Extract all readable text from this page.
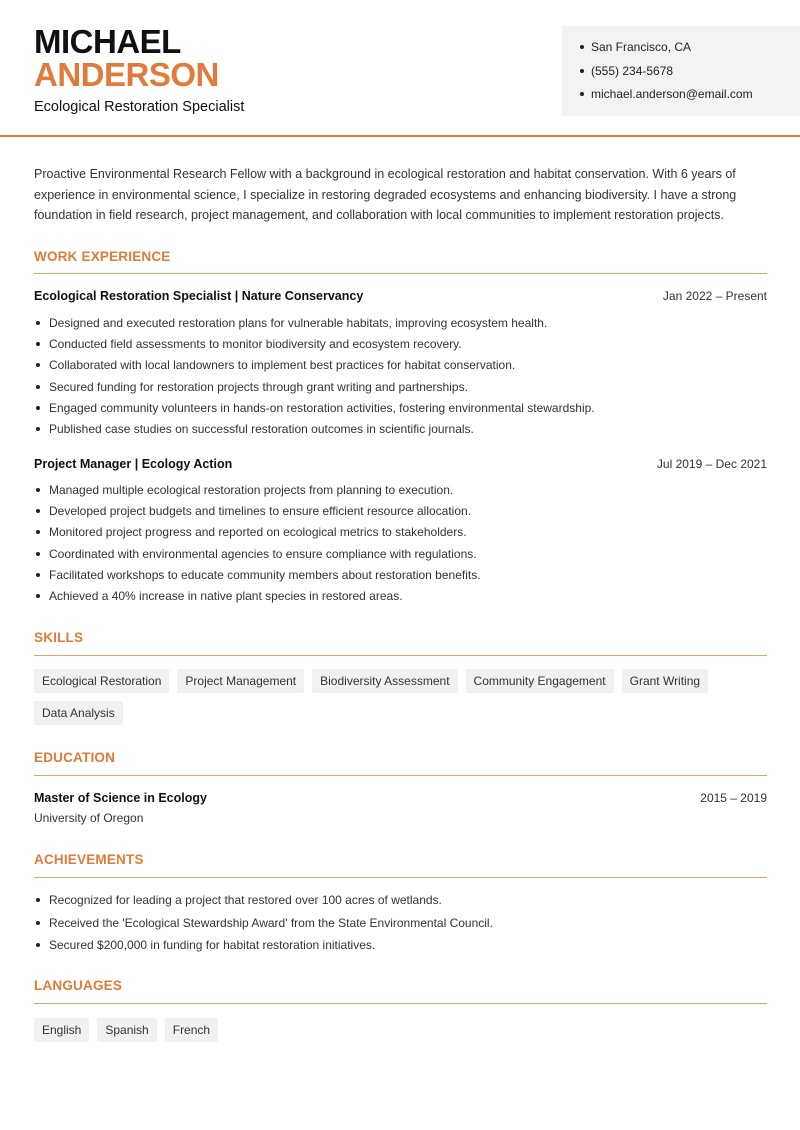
MICHAEL
ANDERSON
Ecological Restoration Specialist
San Francisco, CA
(555) 234-5678
michael.anderson@email.com

Proactive Environmental Research Fellow with a background in ecological restoration and habitat conservation. With 6 years of experience in environmental science, I specialize in restoring degraded ecosystems and enhancing biodiversity. I have a strong foundation in field research, project management, and collaboration with local communities to implement restoration projects.

WORK EXPERIENCE
Ecological Restoration Specialist | Nature Conservancy	Jan 2022 – Present
Designed and executed restoration plans for vulnerable habitats, improving ecosystem health.
Conducted field assessments to monitor biodiversity and ecosystem recovery.
Collaborated with local landowners to implement best practices for habitat conservation.
Secured funding for restoration projects through grant writing and partnerships.
Engaged community volunteers in hands-on restoration activities, fostering environmental stewardship.
Published case studies on successful restoration outcomes in scientific journals.
Project Manager | Ecology Action	Jul 2019 – Dec 2021
Managed multiple ecological restoration projects from planning to execution.
Developed project budgets and timelines to ensure efficient resource allocation.
Monitored project progress and reported on ecological metrics to stakeholders.
Coordinated with environmental agencies to ensure compliance with regulations.
Facilitated workshops to educate community members about restoration benefits.
Achieved a 40% increase in native plant species in restored areas.
SKILLS
Ecological Restoration	Project Management	Biodiversity Assessment	Community Engagement	Grant Writing
Data Analysis
EDUCATION
Master of Science in Ecology	2015 – 2019
University of Oregon
ACHIEVEMENTS
Recognized for leading a project that restored over 100 acres of wetlands.
Received the 'Ecological Stewardship Award' from the State Environmental Council.
Secured $200,000 in funding for habitat restoration initiatives.
LANGUAGES
English	Spanish	French
